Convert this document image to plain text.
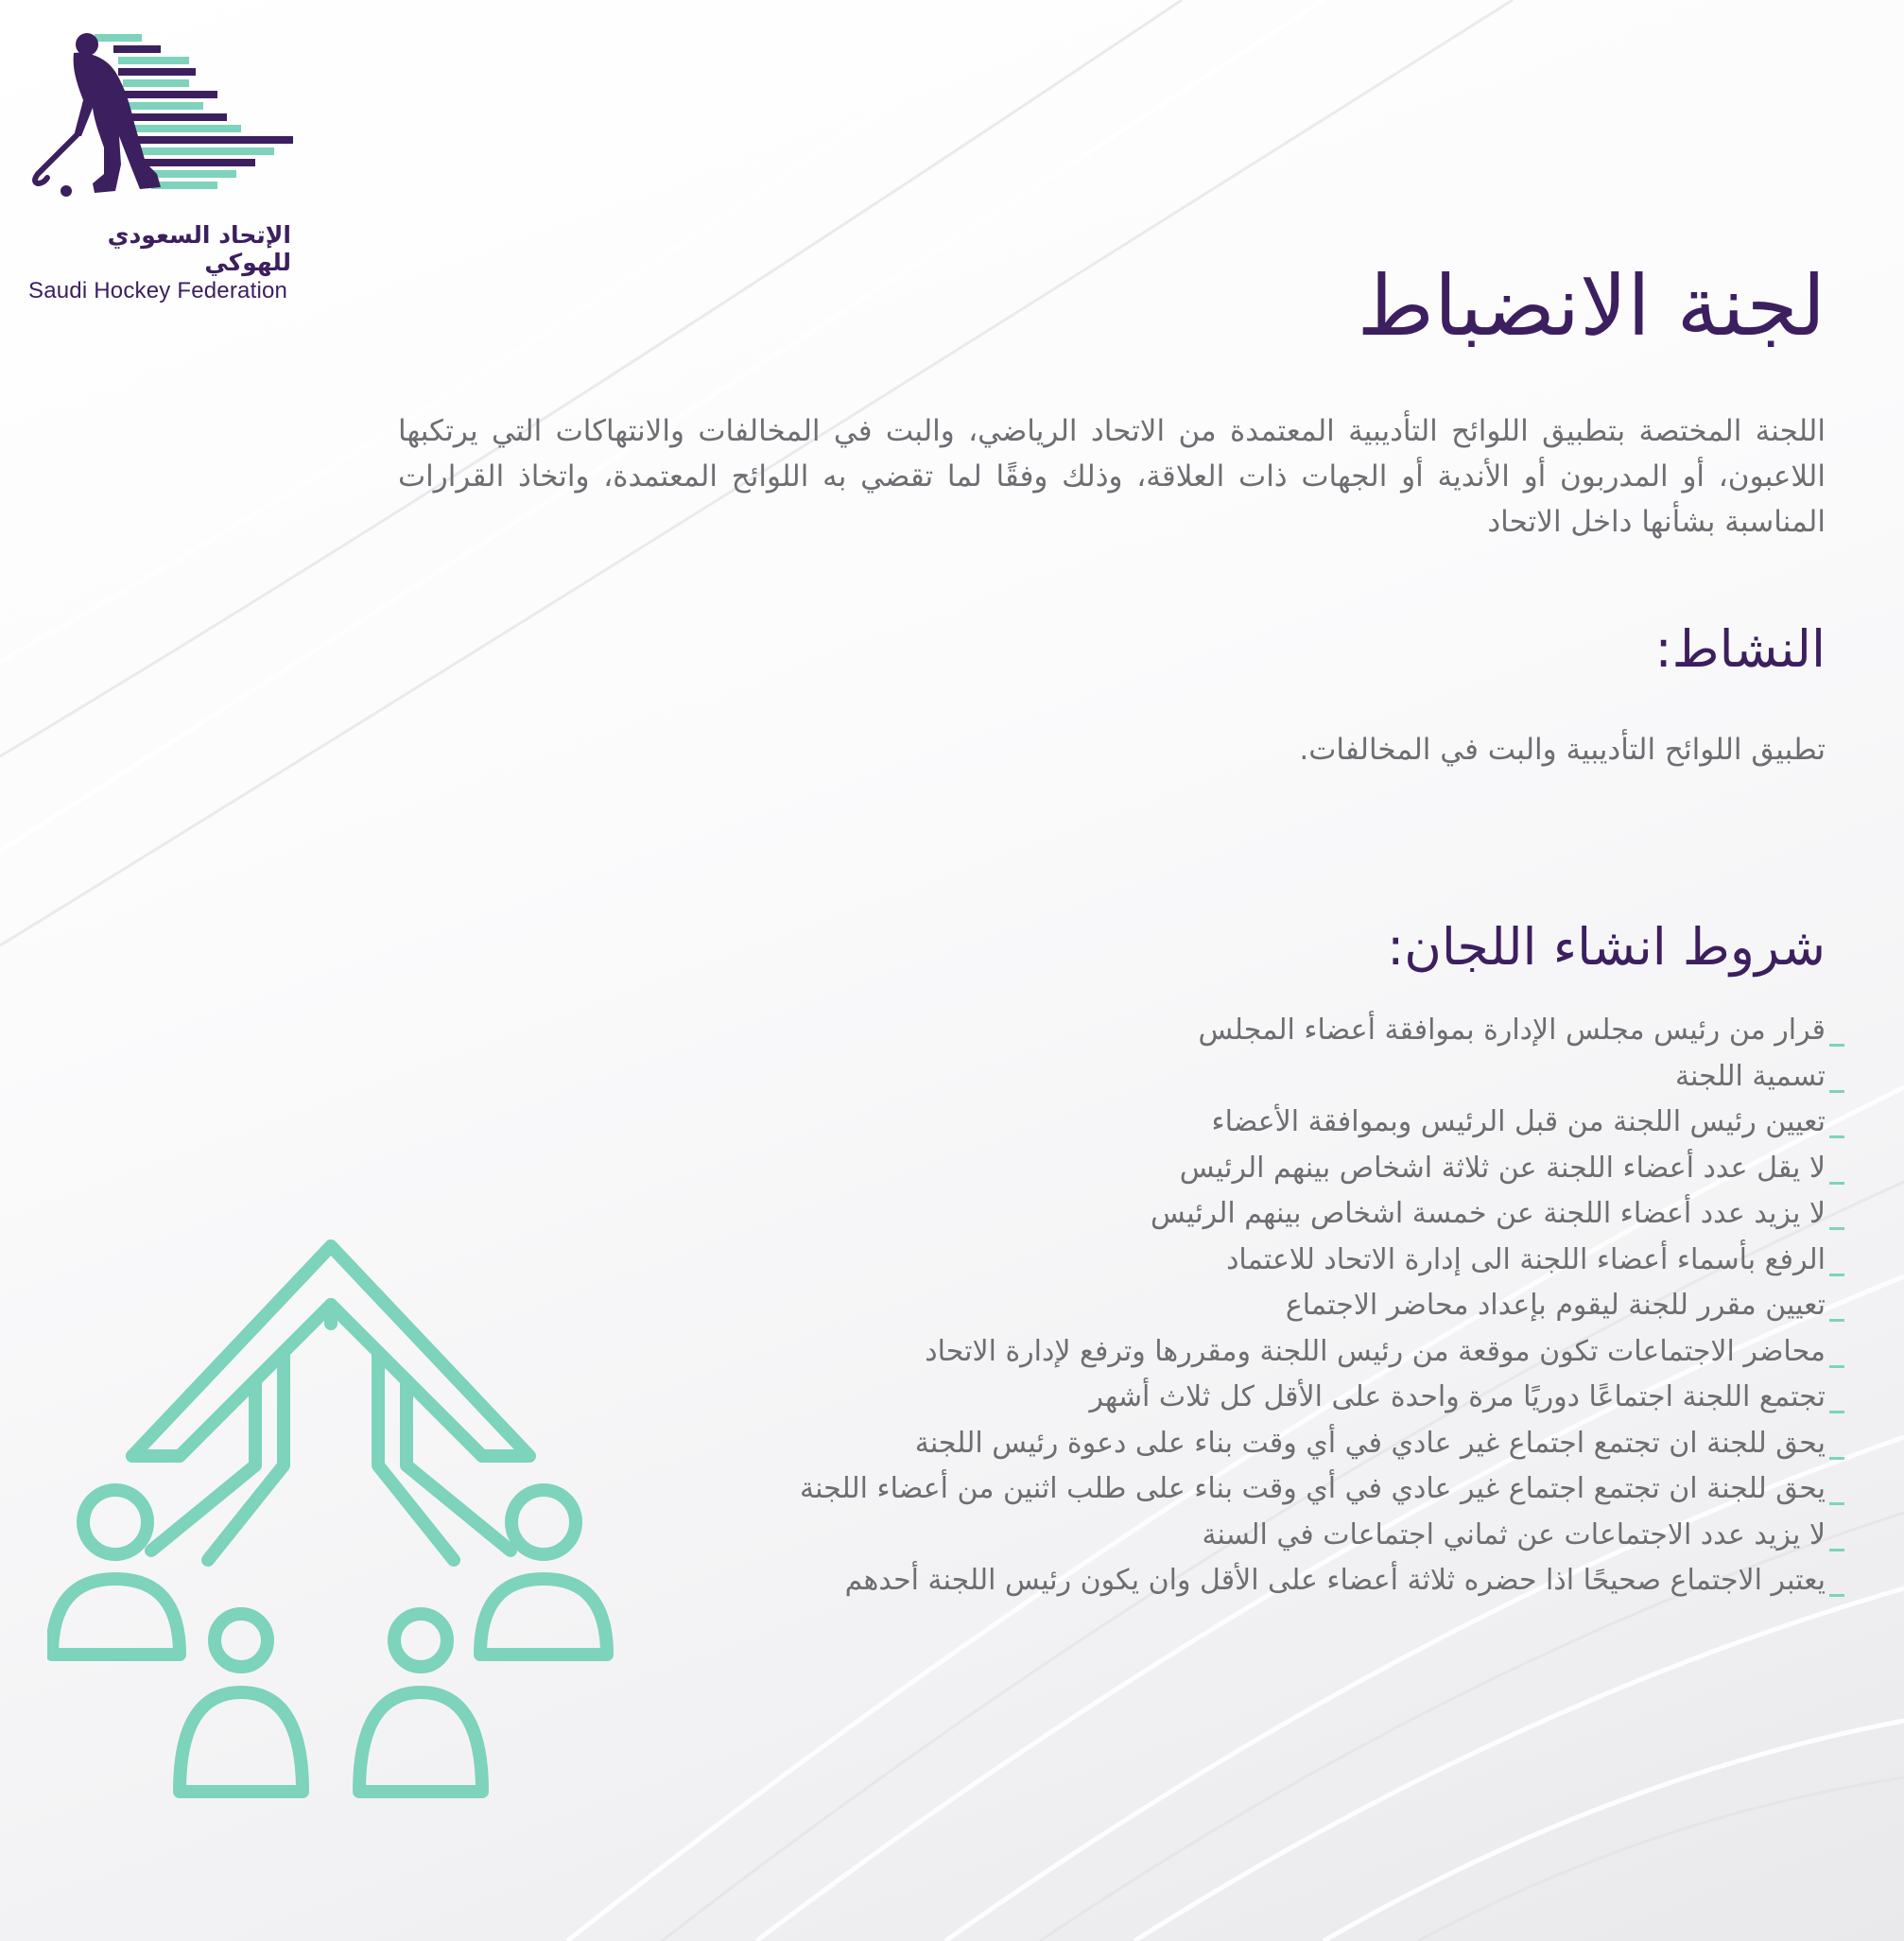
الإتحاد السعودي للهوكي
Saudi Hockey Federation	لجنة الانضباط
اللجنة المختصة بتطبيق اللوائح التأديبية المعتمدة من الاتحاد الرياضي، والبت في المخالفات والانتهاكات التي يرتكبها اللاعبون، أو المدربون أو الأندية أو الجهات ذات العلاقة، وذلك وفقًا لما تقضي به اللوائح المعتمدة، واتخاذ القرارات المناسبة بشأنها داخل الاتحاد
النشاط:
تطبيق اللوائح التأديبية والبت في المخالفات.
شروط انشاء اللجان:
قرار من رئيس مجلس الإدارة بموافقة أعضاء المجلس
تسمية اللجنة
تعيين رئيس اللجنة من قبل الرئيس وبموافقة الأعضاء
لا يقل عدد أعضاء اللجنة عن ثلاثة اشخاص بينهم الرئيس
لا يزيد عدد أعضاء اللجنة عن خمسة اشخاص بينهم الرئيس
الرفع بأسماء أعضاء اللجنة الى إدارة الاتحاد للاعتماد
تعيين مقرر للجنة ليقوم بإعداد محاضر الاجتماع
محاضر الاجتماعات تكون موقعة من رئيس اللجنة ومقررها وترفع لإدارة الاتحاد
تجتمع اللجنة اجتماعًا دوريًا مرة واحدة على الأقل كل ثلاث أشهر
يحق للجنة ان تجتمع اجتماع غير عادي في أي وقت بناء على دعوة رئيس اللجنة
يحق للجنة ان تجتمع اجتماع غير عادي في أي وقت بناء على طلب اثنين من أعضاء اللجنة
لا يزيد عدد الاجتماعات عن ثماني اجتماعات في السنة
يعتبر الاجتماع صحيحًا اذا حضره ثلاثة أعضاء على الأقل وان يكون رئيس اللجنة أحدهم
